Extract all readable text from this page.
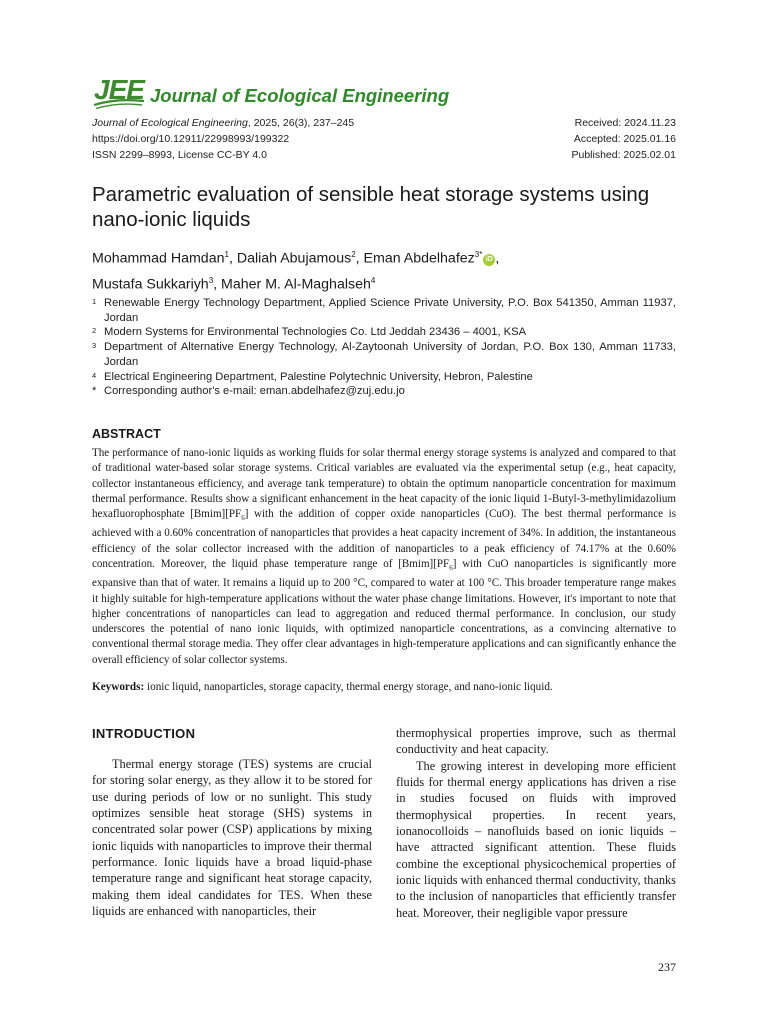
JEE Journal of Ecological Engineering
Journal of Ecological Engineering, 2025, 26(3), 237–245
https://doi.org/10.12911/22998993/199322
ISSN 2299–8993, License CC-BY 4.0
Received: 2024.11.23
Accepted: 2025.01.16
Published: 2025.02.01
Parametric evaluation of sensible heat storage systems using nano-ionic liquids
Mohammad Hamdan$^1$, Daliah Abujamous$^2$, Eman Abdelhafez$^{3*}$iD ,
Mustafa Sukkariyh$^3$, Maher M. Al-Maghalseh$^4$
1 Renewable Energy Technology Department, Applied Science Private University, P.O. Box 541350, Amman 11937, Jordan
2 Modern Systems for Environmental Technologies Co. Ltd Jeddah 23436 – 4001, KSA
3 Department of Alternative Energy Technology, Al-Zaytoonah University of Jordan, P.O. Box 130, Amman 11733, Jordan
4 Electrical Engineering Department, Palestine Polytechnic University, Hebron, Palestine
* Corresponding author's e-mail: eman.abdelhafez@zuj.edu.jo
ABSTRACT

The performance of nano-ionic liquids as working fluids for solar thermal energy storage systems is analyzed and compared to that of traditional water-based solar storage systems. Critical variables are evaluated via the experimental setup (e.g., heat capacity, collector instantaneous efficiency, and average tank temperature) to obtain the optimum nanoparticle concentration for maximum thermal performance. Results show a significant enhancement in the heat capacity of the ionic liquid 1-Butyl-3-methylimidazolium hexafluorophosphate $[Bmim][PF_6]$ with the addition of copper oxide nanoparticles (CuO). The best thermal performance is achieved with a 0.60% concentration of nanoparticles that provides a heat capacity increment of 34%. In addition, the instantaneous efficiency of the solar collector increased with the addition of nanoparticles to a peak efficiency of 74.17% at the 0.60% concentration. Moreover, the liquid phase temperature range of $[Bmim][PF_6]$ with CuO nanoparticles is significantly more expansive than that of water. It remains a liquid up to 200 °C, compared to water at 100 °C. This broader temperature range makes it highly suitable for high-temperature applications without the water phase change limitations. However, it's important to note that higher concentrations of nanoparticles can lead to aggregation and reduced thermal performance. In conclusion, our study underscores the potential of nano ionic liquids, with optimized nanoparticle concentrations, as a convincing alternative to conventional thermal storage media. They offer clear advantages in high-temperature applications and can significantly enhance the overall efficiency of solar collector systems.

Keywords: ionic liquid, nanoparticles, storage capacity, thermal energy storage, and nano-ionic liquid.
INTRODUCTION

Thermal energy storage (TES) systems are crucial for storing solar energy, as they allow it to be stored for use during periods of low or no sunlight. This study optimizes sensible heat storage (SHS) systems in concentrated solar power (CSP) applications by mixing ionic liquids with nanoparticles to improve their thermal performance. Ionic liquids have a broad liquid-phase temperature range and significant heat storage capacity, making them ideal candidates for TES. When these liquids are enhanced with nanoparticles, their

thermophysical properties improve, such as thermal conductivity and heat capacity.

The growing interest in developing more efficient fluids for thermal energy applications has driven a rise in studies focused on fluids with improved thermophysical properties. In recent years, ionanocolloids – nanofluids based on ionic liquids – have attracted significant attention. These fluids combine the exceptional physicochemical properties of ionic liquids with enhanced thermal conductivity, thanks to the inclusion of nanoparticles that efficiently transfer heat. Moreover, their negligible vapor pressure

237
